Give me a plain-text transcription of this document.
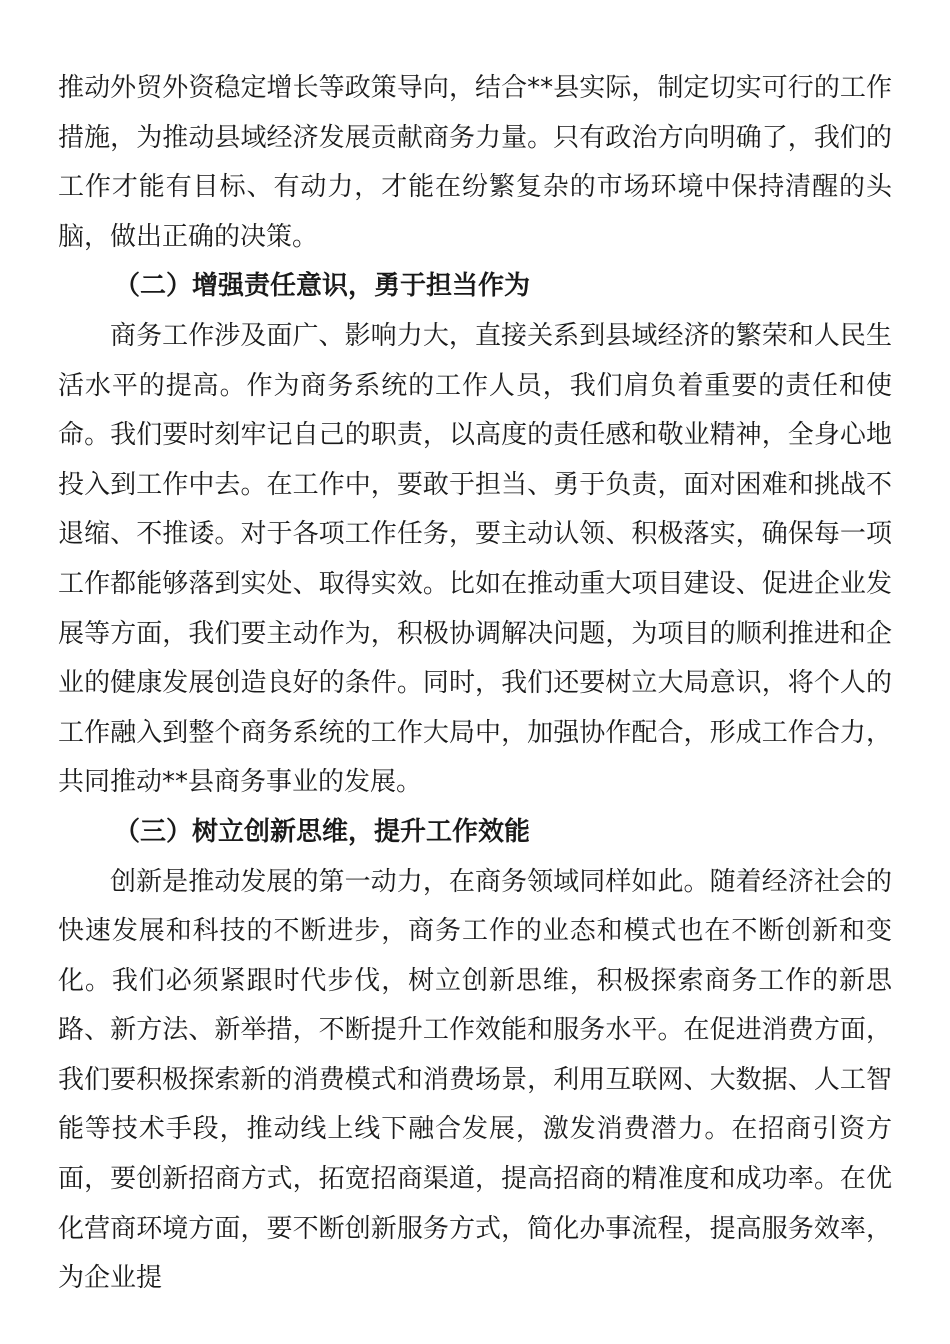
推动外贸外资稳定增长等政策导向，结合**县实际，制定切实可行的工作措施，为推动县域经济发展贡献商务力量。只有政治方向明确了，我们的工作才能有目标、有动力，才能在纷繁复杂的市场环境中保持清醒的头脑，做出正确的决策。

（二）增强责任意识，勇于担当作为

商务工作涉及面广、影响力大，直接关系到县域经济的繁荣和人民生活水平的提高。作为商务系统的工作人员，我们肩负着重要的责任和使命。我们要时刻牢记自己的职责，以高度的责任感和敬业精神，全身心地投入到工作中去。在工作中，要敢于担当、勇于负责，面对困难和挑战不退缩、不推诿。对于各项工作任务，要主动认领、积极落实，确保每一项工作都能够落到实处、取得实效。比如在推动重大项目建设、促进企业发展等方面，我们要主动作为，积极协调解决问题，为项目的顺利推进和企业的健康发展创造良好的条件。同时，我们还要树立大局意识，将个人的工作融入到整个商务系统的工作大局中，加强协作配合，形成工作合力，共同推动**县商务事业的发展。

（三）树立创新思维，提升工作效能

创新是推动发展的第一动力，在商务领域同样如此。随着经济社会的快速发展和科技的不断进步，商务工作的业态和模式也在不断创新和变化。我们必须紧跟时代步伐，树立创新思维，积极探索商务工作的新思路、新方法、新举措，不断提升工作效能和服务水平。在促进消费方面，我们要积极探索新的消费模式和消费场景，利用互联网、大数据、人工智能等技术手段，推动线上线下融合发展，激发消费潜力。在招商引资方面，要创新招商方式，拓宽招商渠道，提高招商的精准度和成功率。在优化营商环境方面，要不断创新服务方式，简化办事流程，提高服务效率，为企业提
